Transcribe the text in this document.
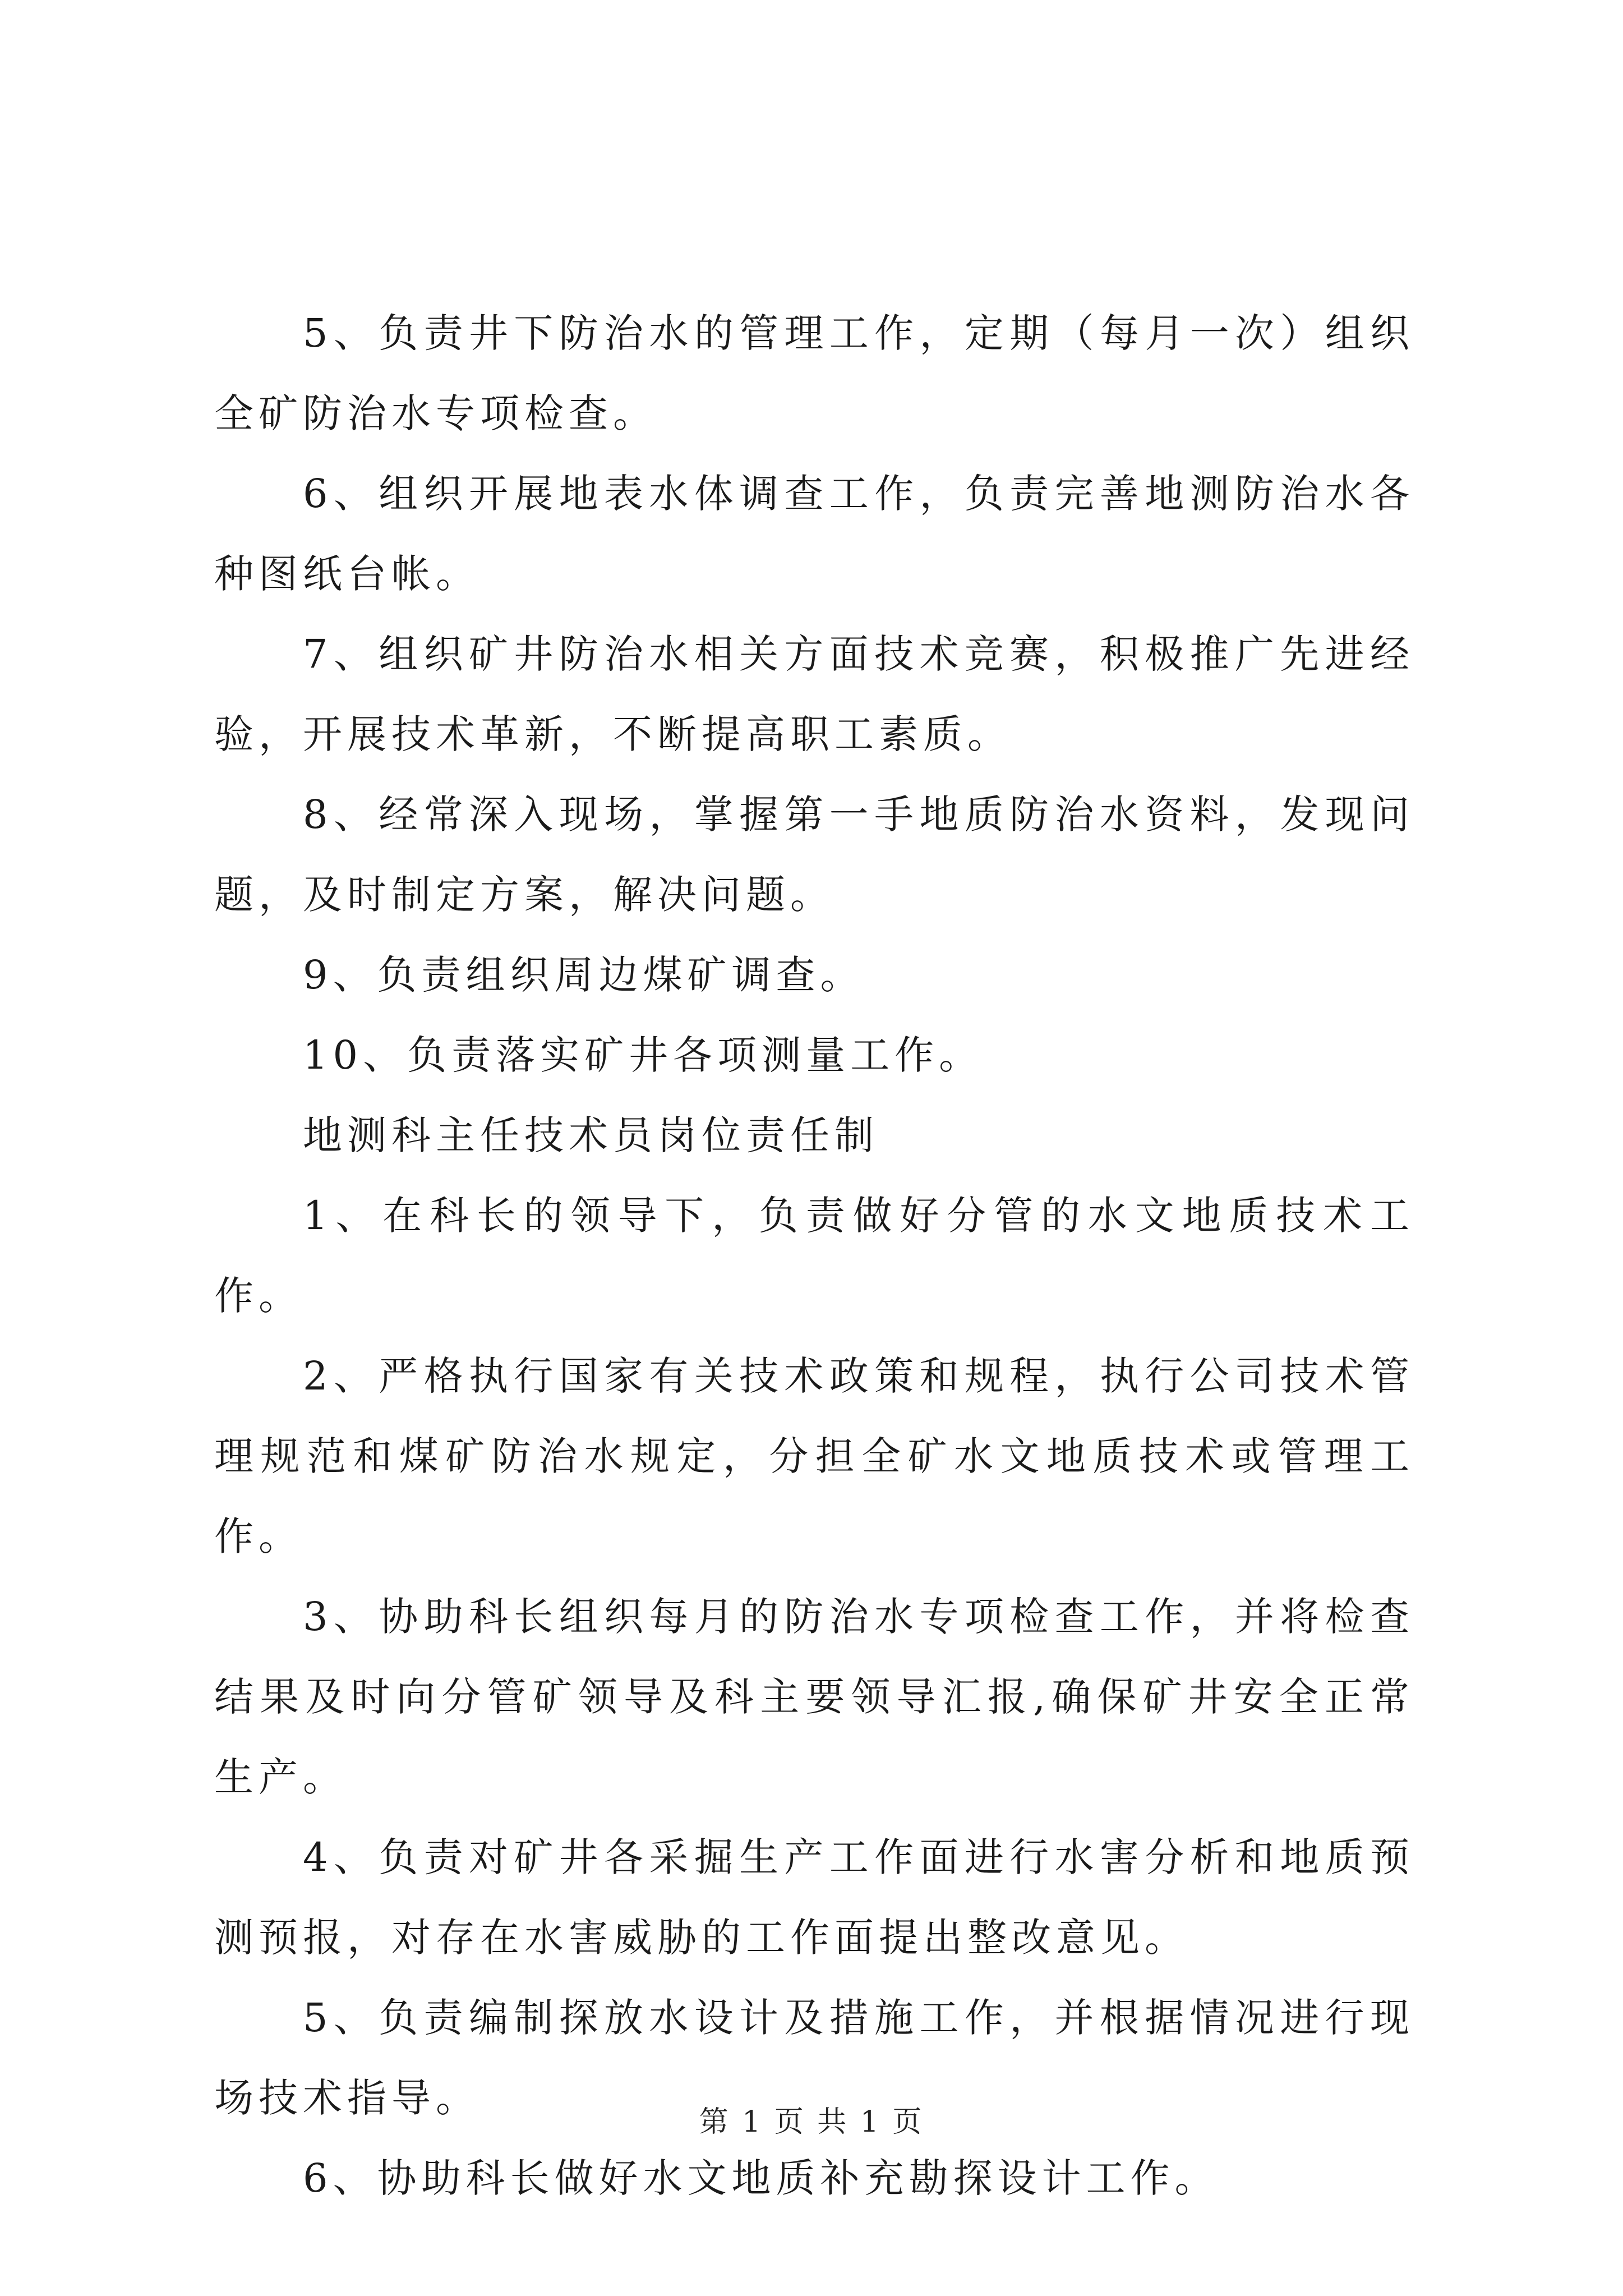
5、负责井下防治水的管理工作，定期（每月一次）组织全矿防治水专项检查。

6、组织开展地表水体调查工作，负责完善地测防治水各种图纸台帐。

7、组织矿井防治水相关方面技术竞赛，积极推广先进经验，开展技术革新，不断提高职工素质。

8、经常深入现场，掌握第一手地质防治水资料，发现问题，及时制定方案，解决问题。

9、负责组织周边煤矿调查。

10、负责落实矿井各项测量工作。

地测科主任技术员岗位责任制

1、在科长的领导下，负责做好分管的水文地质技术工作。

2、严格执行国家有关技术政策和规程，执行公司技术管理规范和煤矿防治水规定，分担全矿水文地质技术或管理工作。

3、协助科长组织每月的防治水专项检查工作，并将检查结果及时向分管矿领导及科主要领导汇报,确保矿井安全正常生产。

4、负责对矿井各采掘生产工作面进行水害分析和地质预测预报，对存在水害威胁的工作面提出整改意见。

5、负责编制探放水设计及措施工作，并根据情况进行现场技术指导。

6、协助科长做好水文地质补充勘探设计工作。

第 1 页 共 1 页
